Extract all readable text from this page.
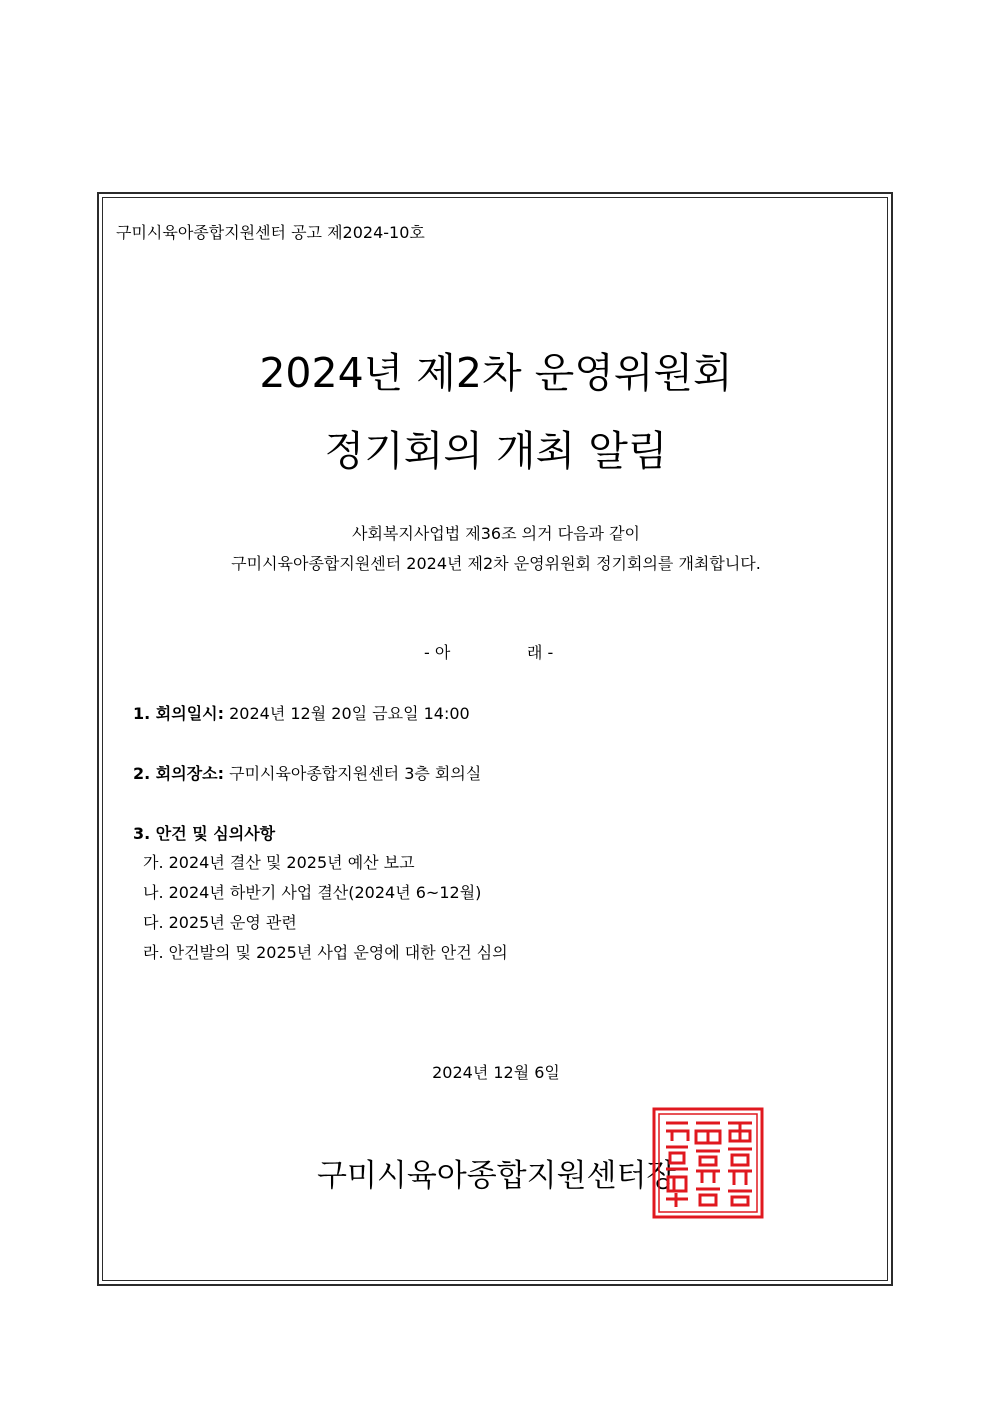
구미시육아종합지원센터 공고 제2024-10호
2024년 제2차 운영위원회
정기회의 개최 알림
사회복지사업법 제36조 의거 다음과 같이
구미시육아종합지원센터 2024년 제2차 운영위원회 정기회의를 개최합니다.
- 아	래 -
1. 회의일시: 2024년 12월 20일 금요일 14:00
2. 회의장소: 구미시육아종합지원센터 3층 회의실
3. 안건 및 심의사항
가. 2024년 결산 및 2025년 예산 보고
나. 2024년 하반기 사업 결산(2024년 6~12월)
다. 2025년 운영 관련
라. 안건발의 및 2025년 사업 운영에 대한 안건 심의
2024년 12월 6일
구미시육아종합지원센터장
